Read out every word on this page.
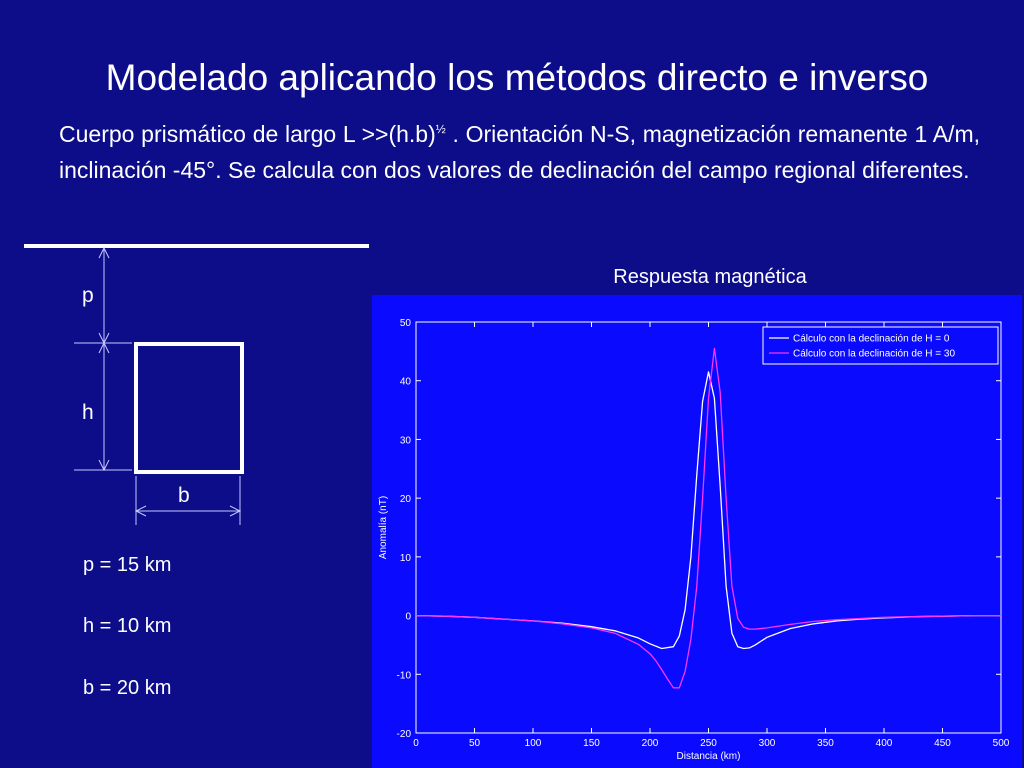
Modelado aplicando los métodos directo e inverso
Cuerpo prismático de largo $L >>(h.b)^{\frac{1}{2}}$ . Orientación N-S, magnetización remanente 1 A/m, inclinación -45°. Se calcula con dos valores de declinación del campo regional diferentes.
p
h
b
p = 15 km
h = 10 km
b = 20 km
Respuesta magnética
0	50	100	150	200	250	300	350	400	450	500
-20
-10
0
10
20
30
40
50
Distancia (km)
Anomalía (nT)
Cálculo con la declinación de H = 0
Cálculo con la declinación de H = 30
